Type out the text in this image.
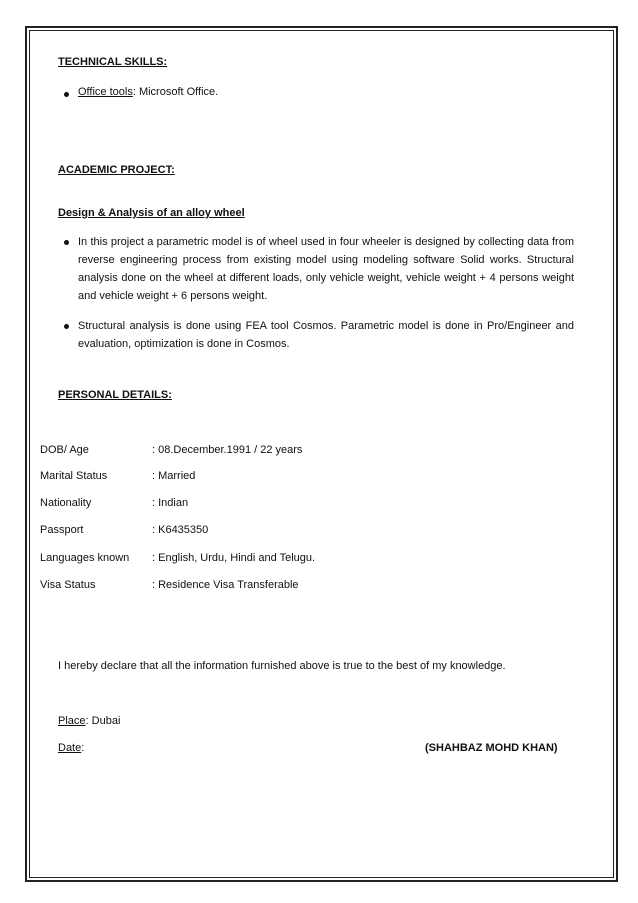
TECHNICAL SKILLS:
Office tools: Microsoft Office.
ACADEMIC PROJECT:
Design & Analysis of an alloy wheel
In this project a parametric model is of wheel used in four wheeler is designed by collecting data from reverse engineering process from existing model using modeling software Solid works. Structural analysis done on the wheel at different loads, only vehicle weight, vehicle weight + 4 persons weight and vehicle weight + 6 persons weight.
Structural analysis is done using FEA tool Cosmos. Parametric model is done in Pro/Engineer and evaluation, optimization is done in Cosmos.
PERSONAL DETAILS:
DOB/ Age	: 08.December.1991 / 22 years
Marital Status	: Married
Nationality	: Indian
Passport	: K6435350
Languages known : English, Urdu, Hindi and Telugu.
Visa Status	: Residence Visa Transferable
I hereby declare that all the information furnished above is true to the best of my knowledge.
Place: Dubai
Date:	(SHAHBAZ MOHD KHAN)
